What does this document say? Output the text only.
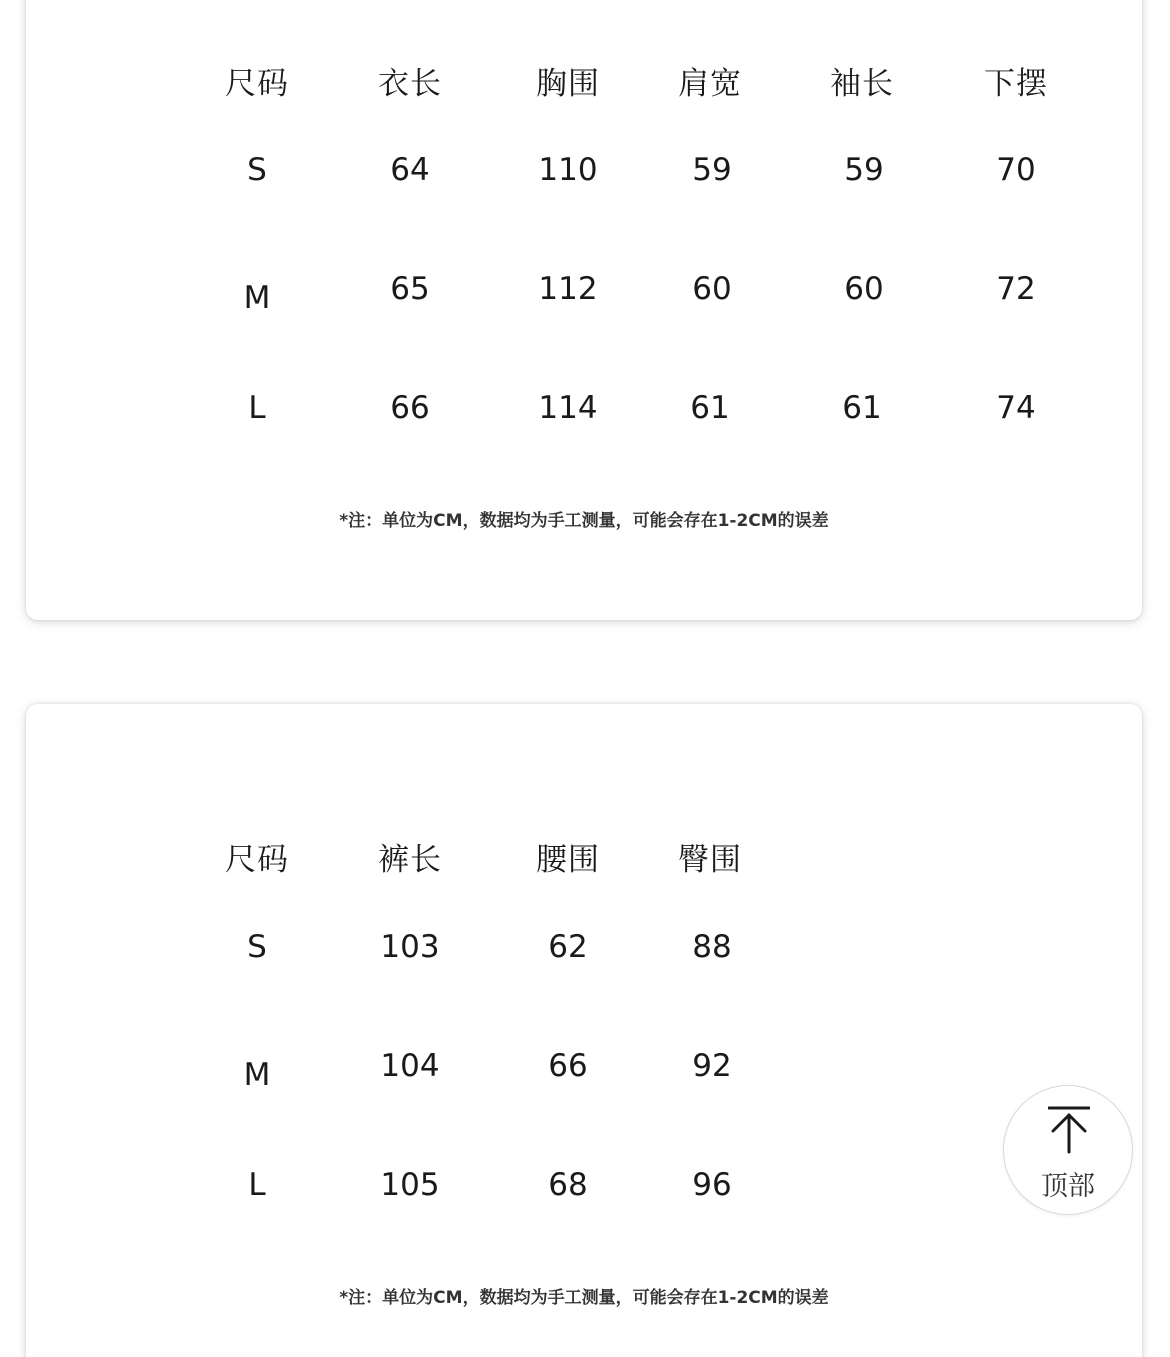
尺码	衣长	胸围	肩宽	袖长	下摆
S	64	110	59	59	70
M	65	112	60	60	72
L	66	114	61	61	74
*注：单位为CM，数据均为手工测量，可能会存在1-2CM的误差
尺码	裤长	腰围	臀围
S	103	62	88
M	104	66	92
L	105	68	96
*注：单位为CM，数据均为手工测量，可能会存在1-2CM的误差
顶部
